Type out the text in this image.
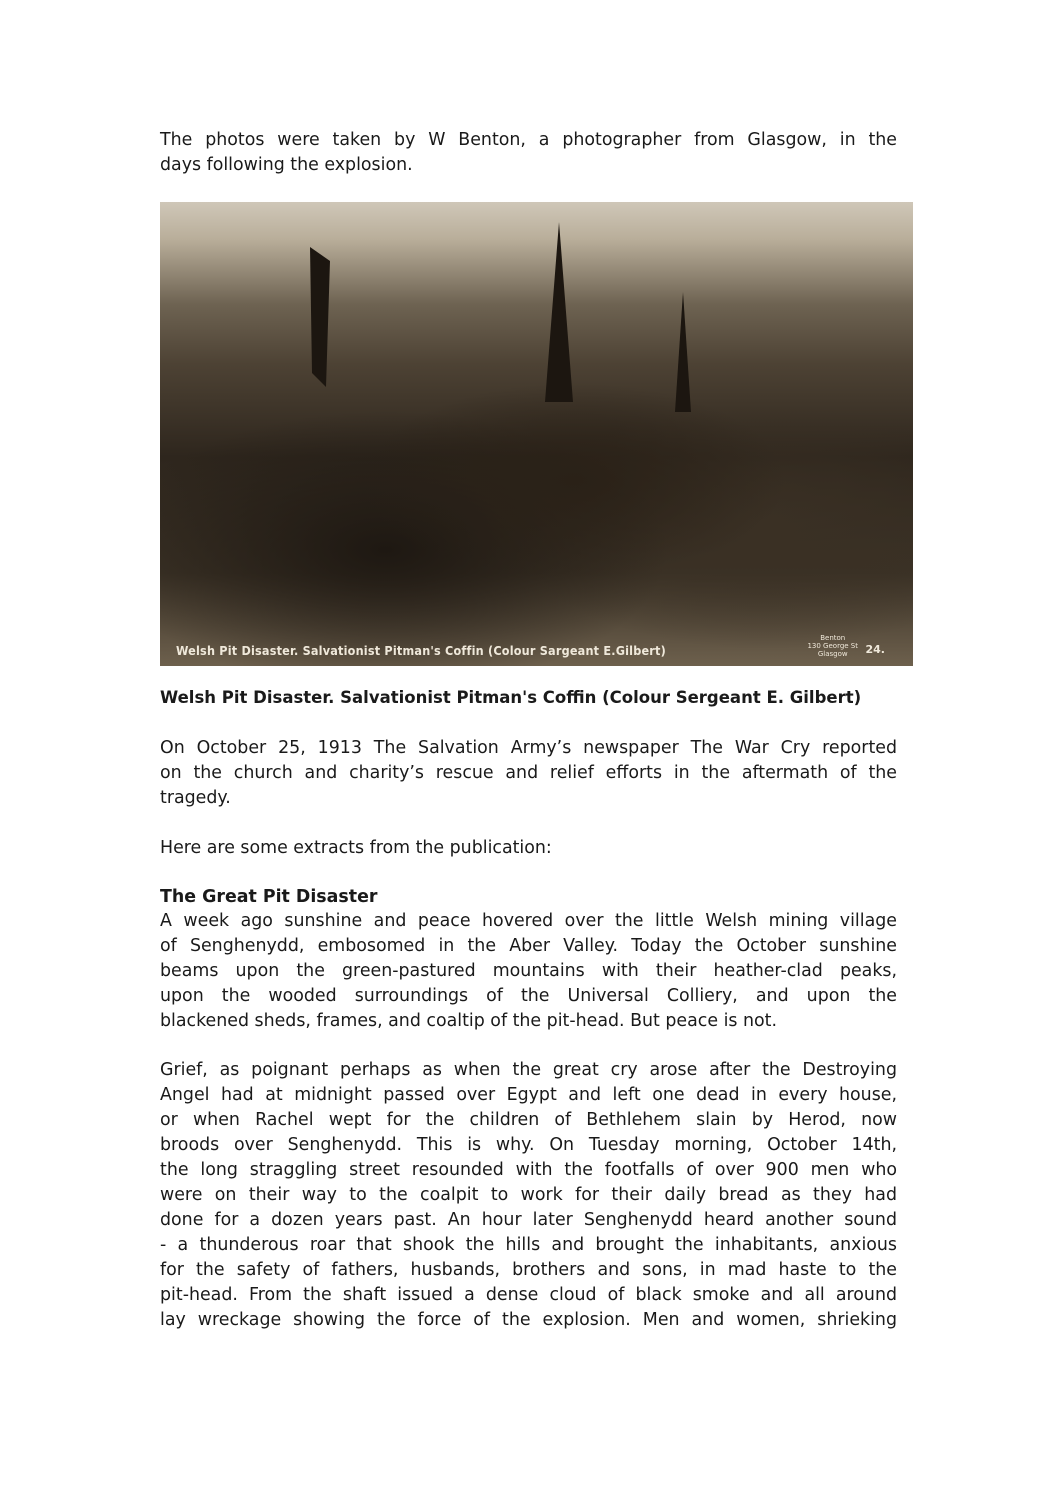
The photos were taken by W Benton, a photographer from Glasgow, in the
days following the explosion.
Welsh Pit Disaster. Salvationist Pitman's Coffin (Colour Sargeant E.Gilbert)
Benton
130 George St
Glasgow	24.
Welsh Pit Disaster. Salvationist Pitman's Coffin (Colour Sergeant E. Gilbert)
On October 25, 1913 The Salvation Army’s newspaper The War Cry reported
on the church and charity’s rescue and relief efforts in the aftermath of the
tragedy.
Here are some extracts from the publication:
The Great Pit Disaster
A week ago sunshine and peace hovered over the little Welsh mining village
of Senghenydd, embosomed in the Aber Valley. Today the October sunshine
beams upon the green-pastured mountains with their heather-clad peaks,
upon the wooded surroundings of the Universal Colliery, and upon the
blackened sheds, frames, and coaltip of the pit-head. But peace is not.
Grief, as poignant perhaps as when the great cry arose after the Destroying
Angel had at midnight passed over Egypt and left one dead in every house,
or when Rachel wept for the children of Bethlehem slain by Herod, now
broods over Senghenydd. This is why. On Tuesday morning, October 14th,
the long straggling street resounded with the footfalls of over 900 men who
were on their way to the coalpit to work for their daily bread as they had
done for a dozen years past. An hour later Senghenydd heard another sound
- a thunderous roar that shook the hills and brought the inhabitants, anxious
for the safety of fathers, husbands, brothers and sons, in mad haste to the
pit-head. From the shaft issued a dense cloud of black smoke and all around
lay wreckage showing the force of the explosion. Men and women, shrieking
